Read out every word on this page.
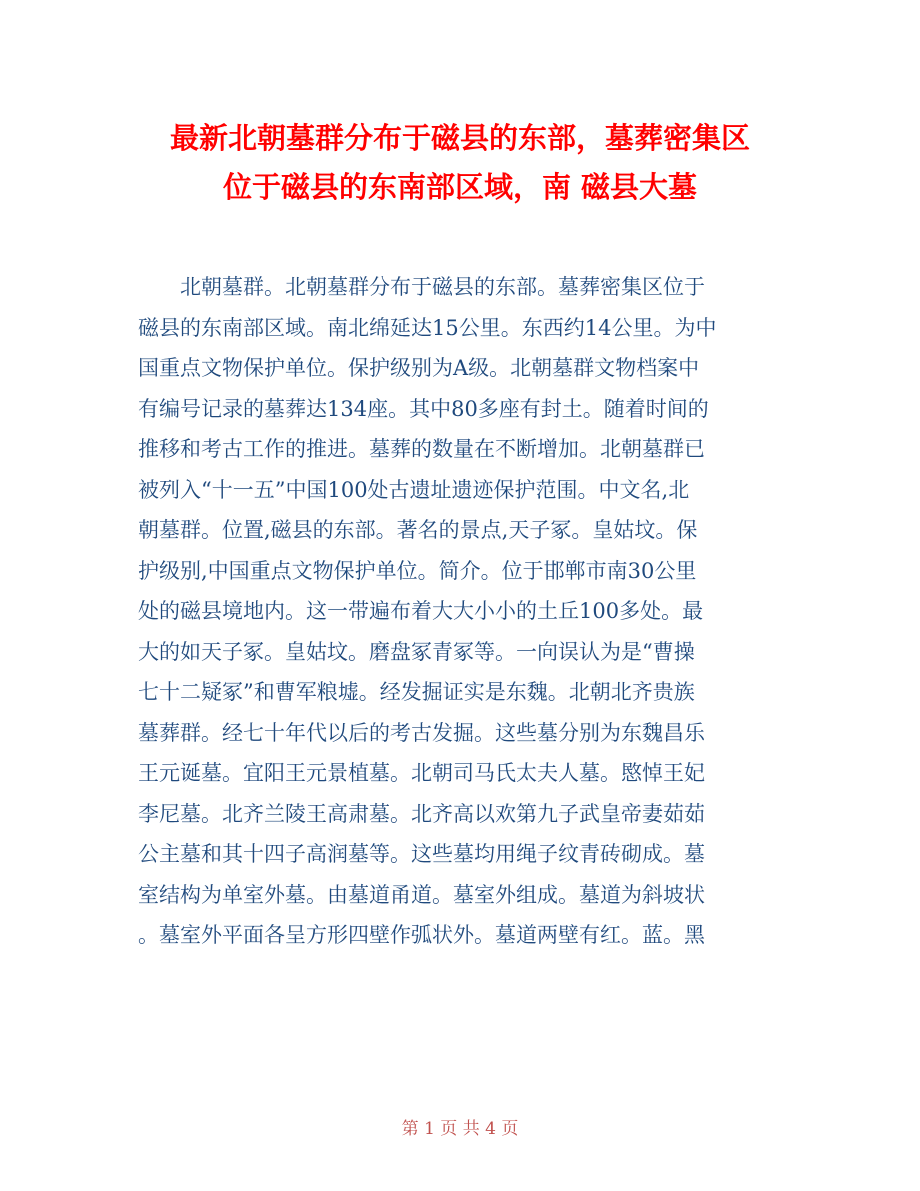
最新北朝墓群分布于磁县的东部，墓葬密集区
位于磁县的东南部区域，南 磁县大墓
　　北朝墓群。北朝墓群分布于磁县的东部。墓葬密集区位于
磁县的东南部区域。南北绵延达15公里。东西约14公里。为中
国重点文物保护单位。保护级别为A级。北朝墓群文物档案中
有编号记录的墓葬达134座。其中80多座有封土。随着时间的
推移和考古工作的推进。墓葬的数量在不断增加。北朝墓群已
被列入“十一五”中国100处古遗址遗迹保护范围。中文名,北
朝墓群。位置,磁县的东部。著名的景点,天子冢。皇姑坟。保
护级别,中国重点文物保护单位。简介。位于邯郸市南30公里
处的磁县境地内。这一带遍布着大大小小的土丘100多处。最
大的如天子冢。皇姑坟。磨盘冢青冢等。一向误认为是“曹操
七十二疑冢”和曹军粮墟。经发掘证实是东魏。北朝北齐贵族
墓葬群。经七十年代以后的考古发掘。这些墓分别为东魏昌乐
王元诞墓。宜阳王元景植墓。北朝司马氏太夫人墓。愍悼王妃
李尼墓。北齐兰陵王高肃墓。北齐高以欢第九子武皇帝妻茹茹
公主墓和其十四子高润墓等。这些墓均用绳子纹青砖砌成。墓
室结构为单室外墓。由墓道甬道。墓室外组成。墓道为斜坡状
。墓室外平面各呈方形四壁作弧状外。墓道两壁有红。蓝。黑
第 1 页 共 4 页
